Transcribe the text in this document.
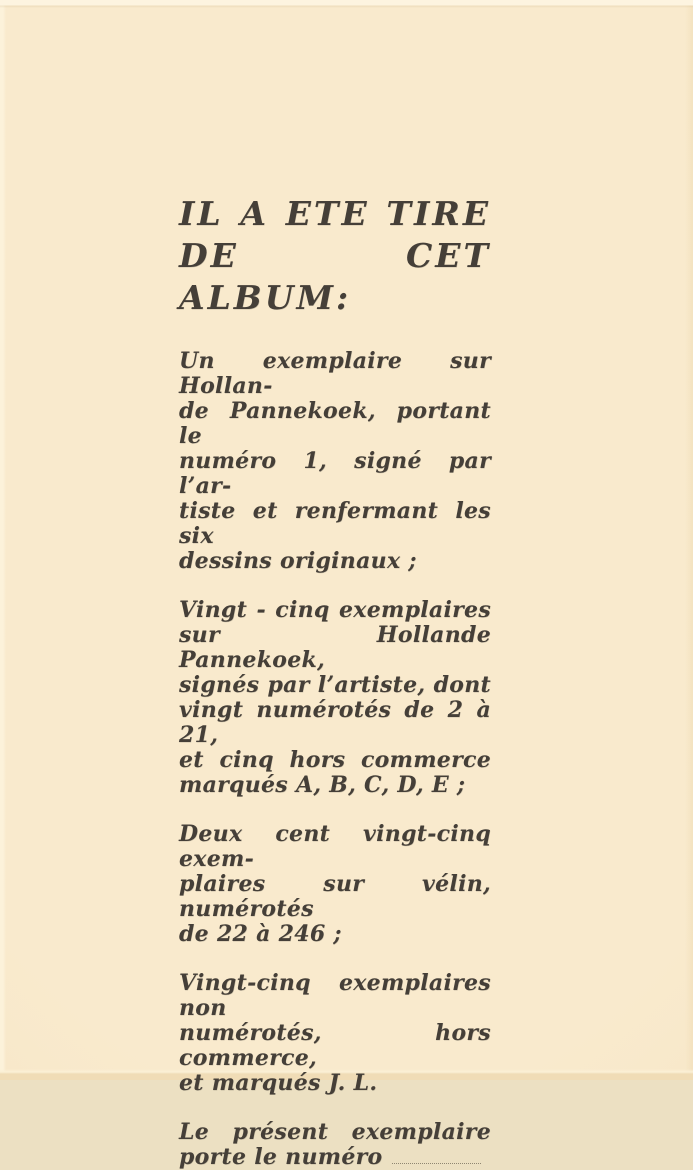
IL A ETE TIRE
DE CET ALBUM:
Un exemplaire sur Hollan-
de Pannekoek, portant le
numéro 1, signé par l’ar-
tiste et renfermant les six
dessins originaux ;
Vingt - cinq exemplaires
sur Hollande Pannekoek,
signés par l’artiste, dont
vingt numérotés de 2 à 21,
et cinq hors commerce
marqués A, B, C, D, E ;
Deux cent vingt-cinq exem-
plaires sur vélin, numérotés
de 22 à 246 ;
Vingt-cinq exemplaires non
numérotés, hors commerce,
et marqués J. L.
Le présent exemplaire
porte le numéro
